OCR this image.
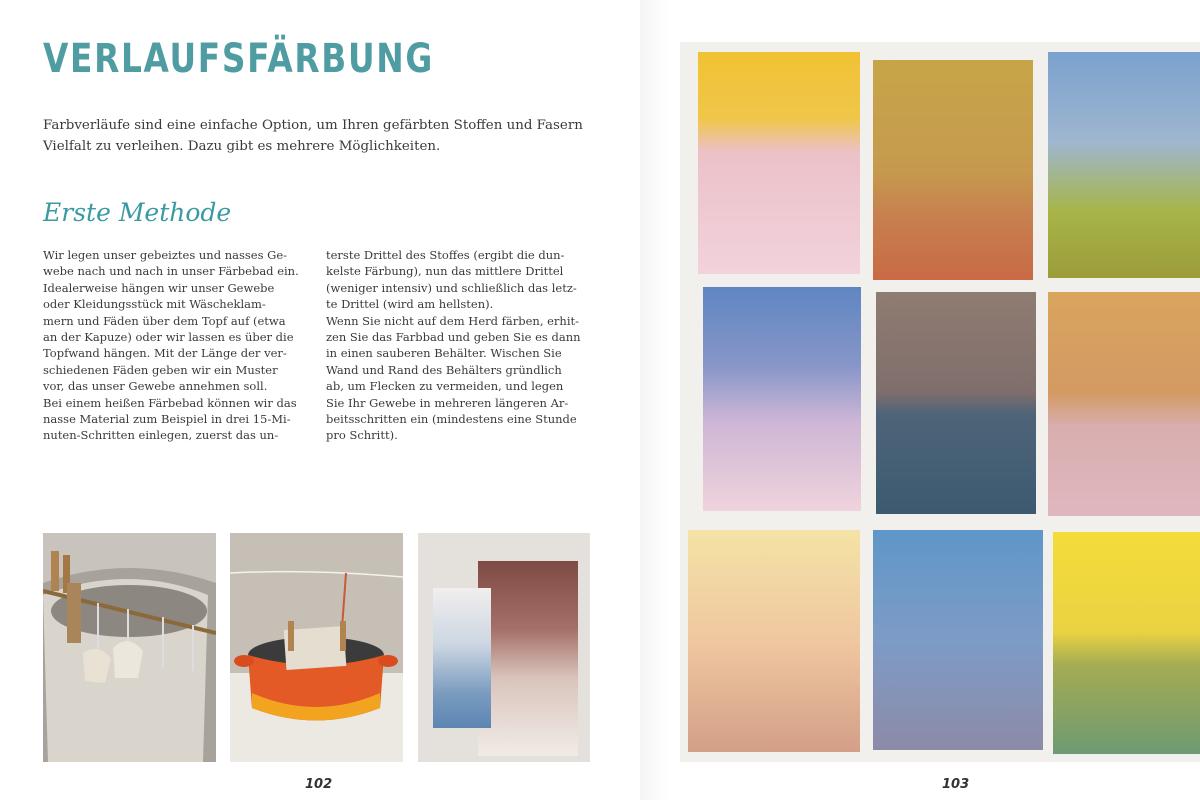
VERLAUFSFÄRBUNG

Farbverläufe sind eine einfache Option, um Ihren gefärbten Stoffen und Fasern Vielfalt zu verleihen. Dazu gibt es mehrere Möglichkeiten.

Erste Methode

Wir legen unser gebeiztes und nasses Ge-
webe nach und nach in unser Färbebad ein.
Idealerweise hängen wir unser Gewebe
oder Kleidungsstück mit Wäscheklam-
mern und Fäden über dem Topf auf (etwa
an der Kapuze) oder wir lassen es über die
Topfwand hängen. Mit der Länge der ver-
schiedenen Fäden geben wir ein Muster
vor, das unser Gewebe annehmen soll.
Bei einem heißen Färbebad können wir das
nasse Material zum Beispiel in drei 15-Mi-
nuten-Schritten einlegen, zuerst das un-

terste Drittel des Stoffes (ergibt die dun-
kelste Färbung), nun das mittlere Drittel
(weniger intensiv) und schließlich das letz-
te Drittel (wird am hellsten).
Wenn Sie nicht auf dem Herd färben, erhit-
zen Sie das Farbbad und geben Sie es dann
in einen sauberen Behälter. Wischen Sie
Wand und Rand des Behälters gründlich
ab, um Flecken zu vermeiden, und legen
Sie Ihr Gewebe in mehreren längeren Ar-
beitsschritten ein (mindestens eine Stunde
pro Schritt).

102	103
